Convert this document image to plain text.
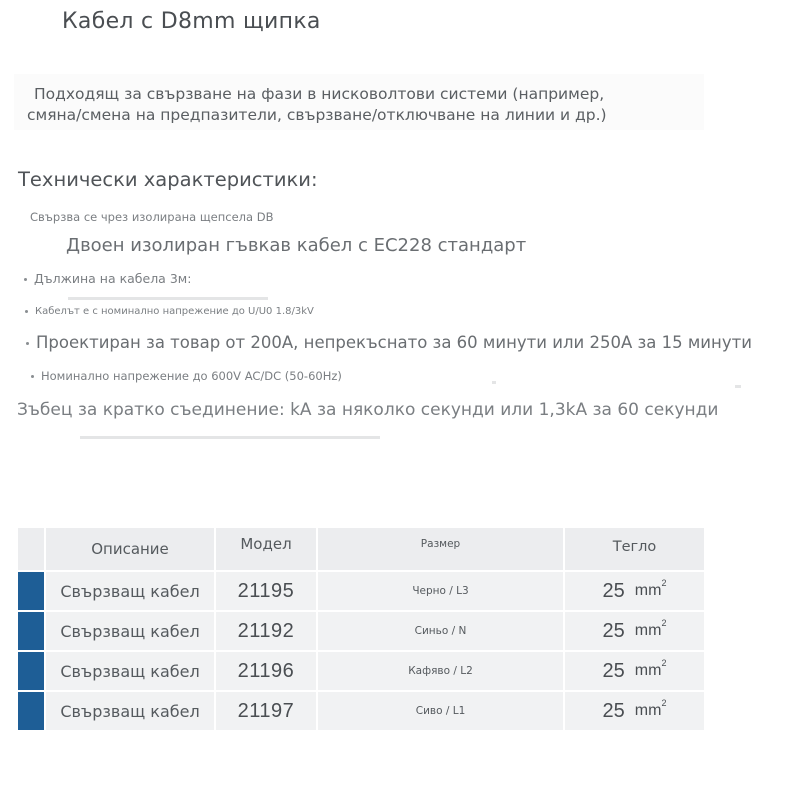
Кабел с D8mm щипка
Подходящ за свързване на фази в нисковолтови системи (например,
смяна/смена на предпазители, свързване/отключване на линии и др.)
Технически характеристики:
Свързва се чрез изолирана щепсела DB
Двоен изолиран гъвкав кабел с EC228 стандарт
Дължина на кабела 3м:
Кабелът е с номинално напрежение до U/U0 1.8/3kV
Проектиран за товар от 200A, непрекъснато за 60 минути или 250A за 15 минути
Номинално напрежение до 600V AC/DC (50-60Hz)
Зъбец за кратко съединение: kA за няколко секунди или 1,3kA за 60 секунди
Описание	Модел	Размер	Тегло
Свързващ кабел 21195	Черно / L3	25 $mm^2$
Свързващ кабел 21192	Синьо / N	25 $mm^2$
Свързващ кабел 21196	Кафяво / L2	25 $mm^2$
Свързващ кабел 21197	Сиво / L1	25 $mm^2$
